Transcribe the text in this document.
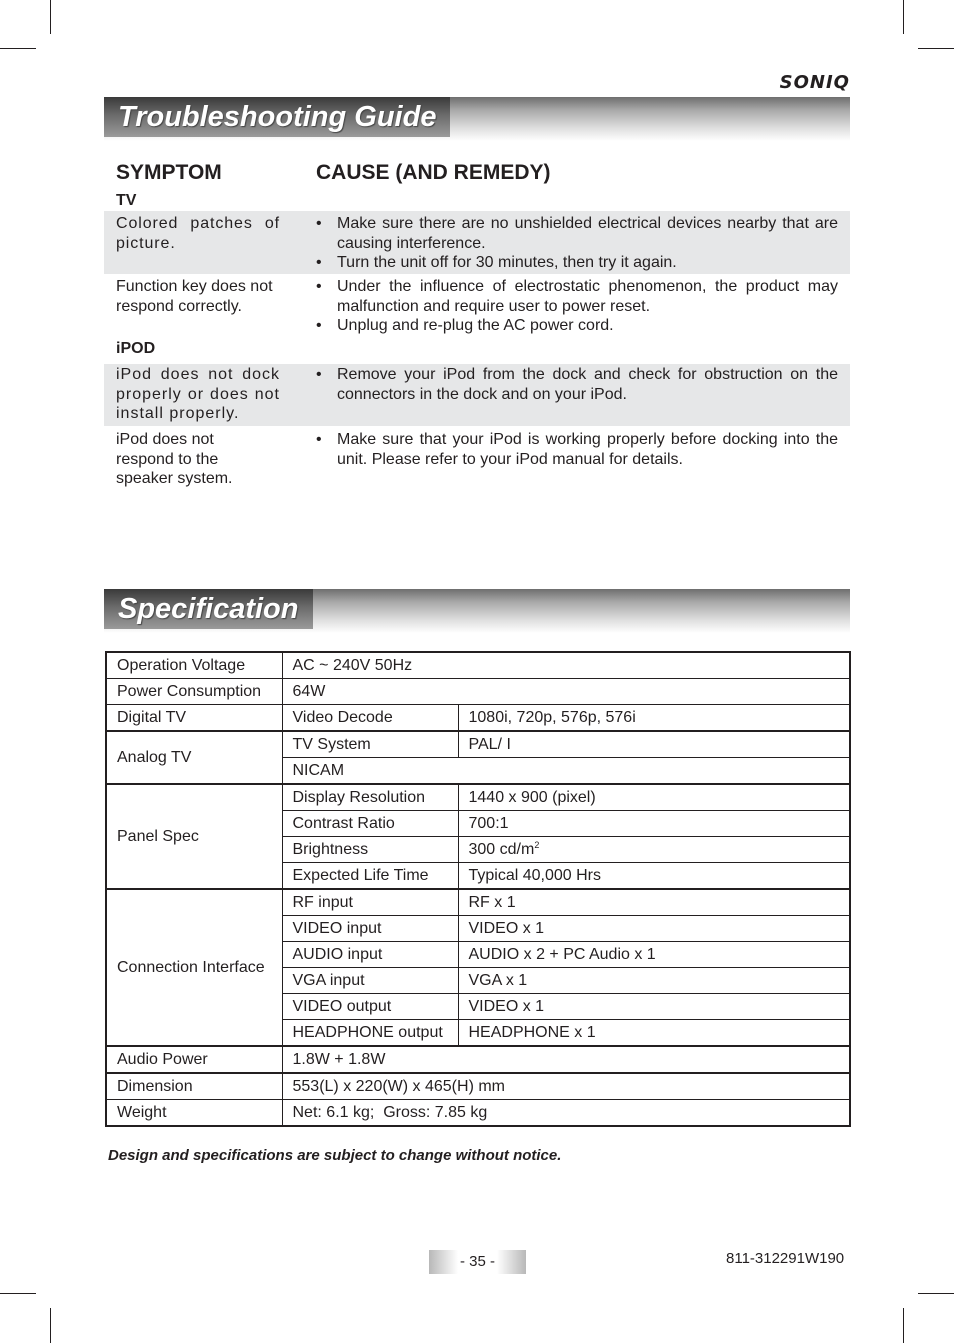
SONIQ
Troubleshooting Guide
SYMPTOM	CAUSE (AND REMEDY)
TV
Colored patches of picture.
• Make sure there are no unshielded electrical devices nearby that are causing interference.
• Turn the unit off for 30 minutes, then try it again.
Function key does not respond correctly.
• Under the influence of electrostatic phenomenon, the product may malfunction and require user to power reset.
• Unplug and re-plug the AC power cord.
iPOD
iPod does not dock properly or does not install properly.
• Remove your iPod from the dock and check for obstruction on the connectors in the dock and on your iPod.
iPod does not respond to the speaker system.
• Make sure that your iPod is working properly before docking into the unit. Please refer to your iPod manual for details.
Specification
Operation Voltage	AC ~ 240V 50Hz	
Power Consumption	64W	
Digital TV	Video Decode	1080i, 720p, 576p, 576i
Analog TV	TV System	PAL/ I
	NICAM	
Panel Spec	Display Resolution	1440 x 900 (pixel)
	Contrast Ratio	700:1
	Brightness	300 $cd/m^2$
	Expected Life Time	Typical 40,000 Hrs
Connection Interface	RF input	RF x 1
	VIDEO input	VIDEO x 1
	AUDIO input	AUDIO x 2 + PC Audio x 1
	VGA input	VGA x 1
	VIDEO output	VIDEO x 1
	HEADPHONE output	HEADPHONE x 1
Audio Power	1.8W + 1.8W	
Dimension	553(L) x 220(W) x 465(H) mm	
Weight	Net: 6.1 kg;  Gross: 7.85 kg	
Design and specifications are subject to change without notice.
- 35 -	811-312291W190
